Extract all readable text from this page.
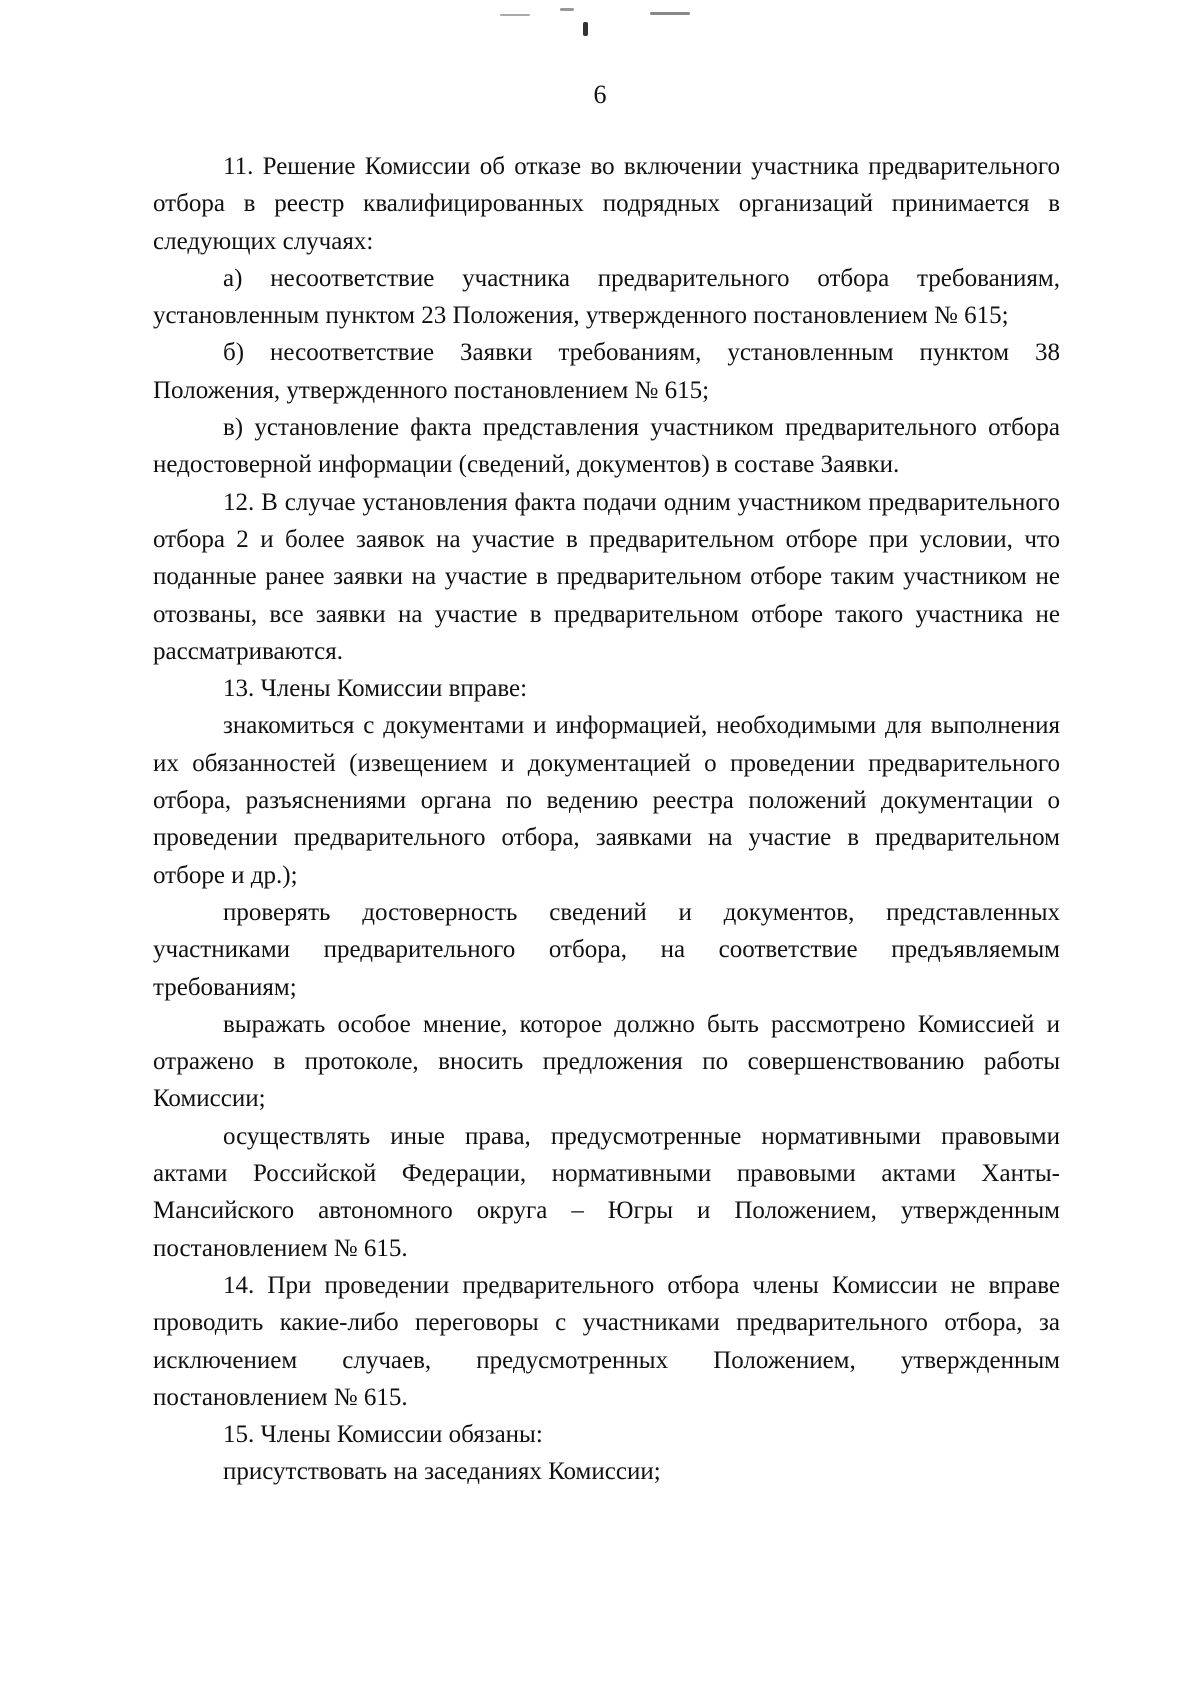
6

11. Решение Комиссии об отказе во включении участника предварительного отбора в реестр квалифицированных подрядных организаций принимается в следующих случаях:

а) несоответствие участника предварительного отбора требованиям, установленным пунктом 23 Положения, утвержденного постановлением № 615;

б) несоответствие Заявки требованиям, установленным пунктом 38 Положения, утвержденного постановлением № 615;

в) установление факта представления участником предварительного отбора недостоверной информации (сведений, документов) в составе Заявки.

12. В случае установления факта подачи одним участником предварительного отбора 2 и более заявок на участие в предварительном отборе при условии, что поданные ранее заявки на участие в предварительном отборе таким участником не отозваны, все заявки на участие в предварительном отборе такого участника не рассматриваются.

13. Члены Комиссии вправе:

знакомиться с документами и информацией, необходимыми для выполнения их обязанностей (извещением и документацией о проведении предварительного отбора, разъяснениями органа по ведению реестра положений документации о проведении предварительного отбора, заявками на участие в предварительном отборе и др.);

проверять достоверность сведений и документов, представленных участниками предварительного отбора, на соответствие предъявляемым требованиям;

выражать особое мнение, которое должно быть рассмотрено Комиссией и отражено в протоколе, вносить предложения по совершенствованию работы Комиссии;

осуществлять иные права, предусмотренные нормативными правовыми актами Российской Федерации, нормативными правовыми актами Ханты-Мансийского автономного округа – Югры и Положением, утвержденным постановлением № 615.

14. При проведении предварительного отбора члены Комиссии не вправе проводить какие-либо переговоры с участниками предварительного отбора, за исключением случаев, предусмотренных Положением, утвержденным постановлением № 615.

15. Члены Комиссии обязаны:

присутствовать на заседаниях Комиссии;
